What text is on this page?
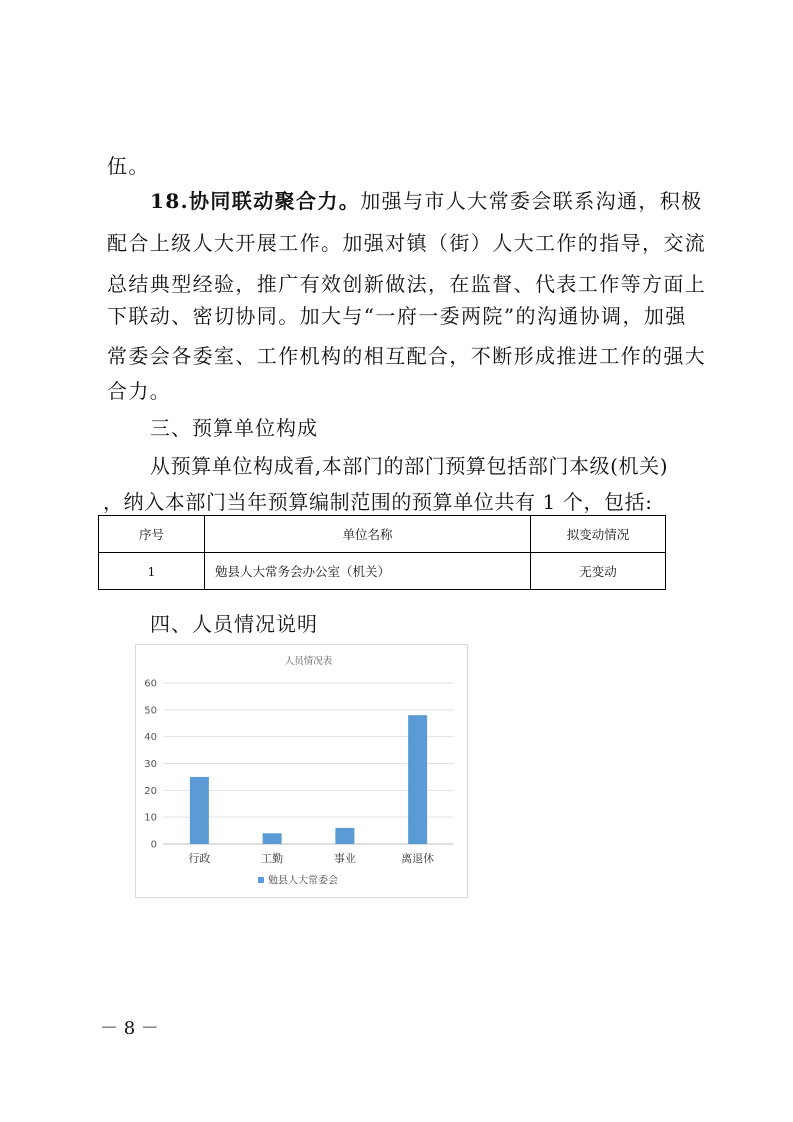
伍。
18.协同联动聚合力。加强与市人大常委会联系沟通，积极
配合上级人大开展工作。加强对镇（街）人大工作的指导，交流
总结典型经验，推广有效创新做法，在监督、代表工作等方面上
下联动、密切协同。加大与“一府一委两院”的沟通协调，加强
常委会各委室、工作机构的相互配合，不断形成推进工作的强大
合力。
三、预算单位构成
从预算单位构成看,本部门的部门预算包括部门本级(机关)
，纳入本部门当年预算编制范围的预算单位共有 1 个，包括:
序号	单位名称	拟变动情况
1	勉县人大常务会办公室（机关）	无变动
四、人员情况说明
人员情况表
0
10
20
30
40
50
60
行政	工勤	事业	离退休
勉县人大常委会
－ 8 －
